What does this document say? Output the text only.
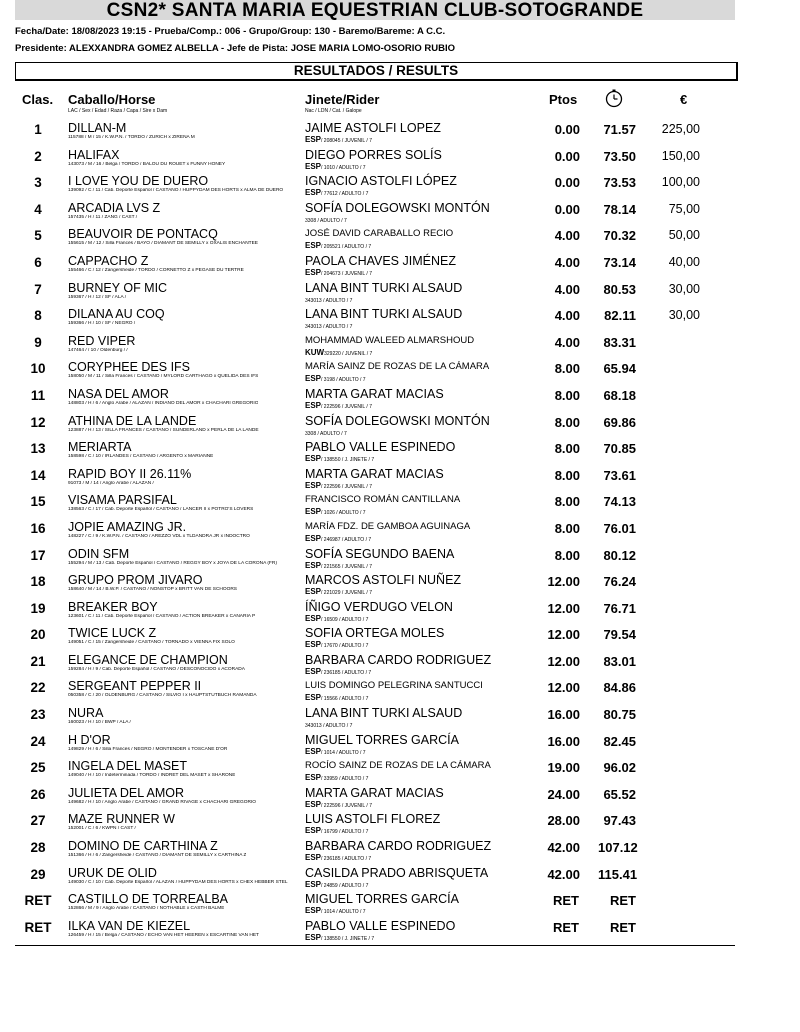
CSN2* SANTA MARIA EQUESTRIAN CLUB-SOTOGRANDE
Fecha/Date: 18/08/2023 19:15 - Prueba/Comp.: 006 - Grupo/Group: 130 - Baremo/Bareme: A C.C.
Presidente: ALEXXANDRA GOMEZ ALBELLA - Jefe de Pista: JOSE MARIA LOMO-OSORIO RUBIO
RESULTADOS / RESULTS
Clas. Caballo/Horse
LAC / Sex / Edad / Raza / Capa / Sire x Dam
Jinete/Rider
Nac / LDN / Cat. / Galope
Ptos	€
1	DILLAN-M
115788 / M / 15 / K.W.P.N. / TORDO / ZURICH x ZIRENA M
JAIME ASTOLFI LOPEZ
ESP/ 208045 / JUVENIL / 7
0.00	71.57	225,00
2	HALIFAX
143073 / M / 16 / Belga / TORDO / BALOU DU ROUET x FUNNY HONEY
DIEGO PORRES SOLÍS
ESP/ 1010 / ADULTO / 7
0.00	73.50	150,00
3	I LOVE YOU DE DUERO
139092 / C / 11 / Cab. Deporte Español / CASTAÑO / HUPPYDAM DES HORTS x ALMA DE DUERO
IGNACIO ASTOLFI LÓPEZ
ESP/ 77612 / ADULTO / 7
0.00	73.53	100,00
4	ARCADIA LVS Z
157435 / H / 11 / ZANG / CAST /
SOFÍA DOLEGOWSKI MONTÓN
3308 / ADULTO / 7
0.00	78.14	75,00
5	BEAUVOIR DE PONTACQ
155615 / M / 12 / Silla Francés / BAYO / DIAMANT DE SEMILLY x OXALIS ENCHANTEE
JOSÉ DAVID CARABALLO RECIO
ESP/ 205521 / ADULTO / 7
4.00	70.32	50,00
6	CAPPACHO Z
155466 / C / 12 / Zangersheide / TORDO / CORNETTO Z x PEGASE DU TERTRE
PAOLA CHAVES JIMÉNEZ
ESP/ 204673 / JUVENIL / 7
4.00	73.14	40,00
7	BURNEY OF MIC
159367 / H / 12 / SF / ALA /
LANA BINT TURKI ALSAUD
343013 / ADULTO / 7
4.00	80.53	30,00
8	DILANA AU COQ
159366 / H / 10 / SF / NEGRO /
LANA BINT TURKI ALSAUD
343013 / ADULTO / 7
4.00	82.11	30,00
9	RED VIPER
147464 / / 10 / Oldenburg / /
MOHAMMAD WALEED ALMARSHOUD
KUW329220 / JUVENIL / 7
4.00	83.31
10	CORYPHEE DES IFS
158050 / M / 11 / Silla Francés / CASTAÑO / MYLORD CARTHAGO x QUELIDA DES IFS
MARÍA SAINZ DE ROZAS DE LA CÁMARA
ESP/ 3198 / ADULTO / 7
8.00	65.94
11	NASA DEL AMOR
148803 / H / 6 / Anglo Árabe / ALAZÁN / INDIANO DEL AMOR x CHACHARI GREGORIO
MARTA GARAT MACIAS
ESP/ 222596 / JUVENIL / 7
8.00	68.18
12	ATHINA DE LA LANDE
123887 / H / 13 / SILLA FRANCES / CASTAÑO / SUNDERLAND x PERLA DE LA LANDE
SOFÍA DOLEGOWSKI MONTÓN
3308 / ADULTO / 7
8.00	69.86
13	MERIARTA
158598 / C / 10 / IRLANDÉS / CASTAÑO / ARGENTO x MARIANNE
PABLO VALLE ESPINEDO
ESP/ 138550 / J. JINETE / 7
8.00	70.85
14	RAPID BOY II 26.11%
91073 / M / 14 / Anglo Árabe / ALAZÁN /
MARTA GARAT MACIAS
ESP/ 222596 / JUVENIL / 7
8.00	73.61
15	VISAMA PARSIFAL
138563 / C / 17 / Cab. Deporte Español / CASTAÑO / LANCER II x POTRO'S LOVERS
FRANCISCO ROMÁN CANTILLANA
ESP/ 1026 / ADULTO / 7
8.00	74.13
16	JOPIE AMAZING JR.
148227 / C / 9 / K.W.P.N. / CASTAÑO / AREZZO VDL x TLDANDRA JR x INDOCTRO
MARÍA FDZ. DE GAMBOA AGUINAGA
ESP/ 246987 / ADULTO / 7
8.00	76.01
17	ODIN SFM
155294 / M / 13 / Cab. Deporte Español / CASTAÑO / REGGY BOY x JOYA DE LA CORONA (FR)
SOFÍA SEGUNDO BAENA
ESP/ 221565 / JUVENIL / 7
8.00	80.12
18	GRUPO PROM JIVARO
158640 / M / 14 / B.W.P. / CASTAÑO / NONSTOP x BRITT VAN DE SCHOORS
MARCOS ASTOLFI NUÑEZ
ESP/ 221029 / JUVENIL / 7
12.00	76.24
19	BREAKER BOY
123601 / C / 11 / Cab. Deporte Español / CASTAÑO / ACTION BREAKER x CANARIA P
ÍÑIGO VERDUGO VELON
ESP/ 16509 / ADULTO / 7
12.00	76.71
20	TWICE LUCK Z
149051 / C / 15 / Zangersheide / CASTAÑO / TORNADO x VIENNA FIX SOLO
SOFIA ORTEGA MOLES
ESP/ 17670 / ADULTO / 7
12.00	79.54
21	ELEGANCE DE CHAMPION
159284 / H / 9 / Cab. Deporte Español / CASTAÑO / DESCONOCIDO x ACORADA
BARBARA CARDO RODRIGUEZ
ESP/ 236185 / ADULTO / 7
12.00	83.01
22	SERGEANT PEPPER II
050358 / C / 20 / OLDENBURG / CASTAÑO / SILVIO I x HAUPTSTUTBUCH RAMANDA
LUIS DOMINGO PELEGRINA SANTUCCI
ESP/ 15566 / ADULTO / 7
12.00	84.86
23	NURA
160023 / H / 10 / BWP / ALA /
LANA BINT TURKI ALSAUD
343013 / ADULTO / 7
16.00	80.75
24	H D'OR
149829 / H / 6 / Silla Francés / NEGRO / MONTENDER x TOSCANE D'OR
MIGUEL TORRES GARCÍA
ESP/ 1014 / ADULTO / 7
16.00	82.45
25	INGELA DEL MASET
149040 / H / 10 / Indeterminada / TORDO / INDRET DEL MASET x SHARONE
ROCÍO SAINZ DE ROZAS DE LA CÁMARA
ESP/ 33959 / ADULTO / 7
19.00	96.02
26	JULIETA DEL AMOR
149682 / H / 10 / Anglo Árabe / CASTAÑO / GRAND RIVAGE x CHACHARI GREGORIO
MARTA GARAT MACIAS
ESP/ 222596 / JUVENIL / 7
24.00	65.52
27	MAZE RUNNER W
152001 / C / 6 / KWPN / CAST /
LUIS ASTOLFI FLOREZ
ESP/ 16799 / ADULTO / 7
28.00	97.43
28	DOMINO DE CARTHINA Z
151366 / H / 6 / Zangersheide / CASTAÑO / DIAMANT DE SEMILLY x CARTHINA Z
BARBARA CARDO RODRIGUEZ
ESP/ 236185 / ADULTO / 7
42.00 107.12
29	URUK DE OLID
149030 / C / 10 / Cab. Deporte Español / ALAZAN / HUPPYDAM DES HORTS x CHEX HEBBER STEL
CASILDA PRADO ABRISQUETA
ESP/ 24859 / ADULTO / 7
42.00 115.41
RET	CASTILLO DE TORREALBA
152866 / M / 9 / Anglo Árabe / CASTAÑO / NOTHABLE x CASTH BALMÉ
MIGUEL TORRES GARCÍA
ESP/ 1014 / ADULTO / 7
RET RET
RET	ILKA VAN DE KIEZEL
126459 / H / 15 / Belga / CASTAÑO / ECHO VAN HET HEEREN x ESCARTINE VAN HET
PABLO VALLE ESPINEDO
ESP/ 138550 / J. JINETE / 7
RET RET
